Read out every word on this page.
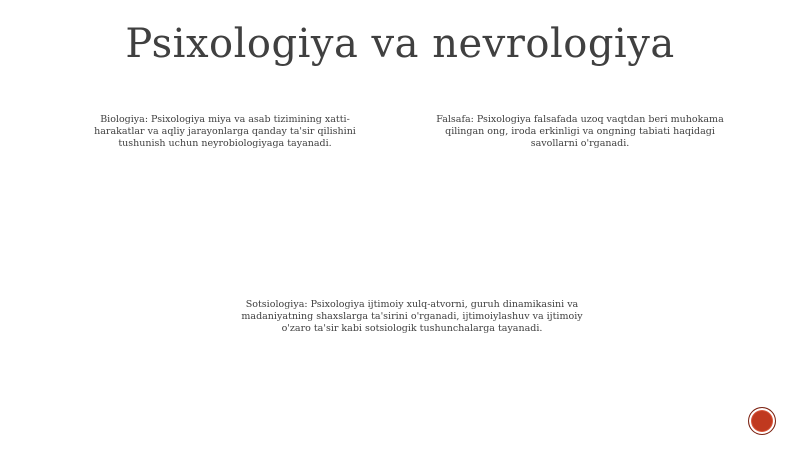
Psixologiya va nevrologiya
Biologiya: Psixologiya miya va asab tizimining xatti-harakatlar va aqliy jarayonlarga qanday ta'sir qilishini tushunish uchun neyrobiologiyaga tayanadi.
Falsafa: Psixologiya falsafada uzoq vaqtdan beri muhokama qilingan ong, iroda erkinligi va ongning tabiati haqidagi savollarni o'rganadi.
Sotsiologiya: Psixologiya ijtimoiy xulq-atvorni, guruh dinamikasini va madaniyatning shaxslarga ta'sirini o'rganadi, ijtimoiylashuv va ijtimoiy o'zaro ta'sir kabi sotsiologik tushunchalarga tayanadi.
